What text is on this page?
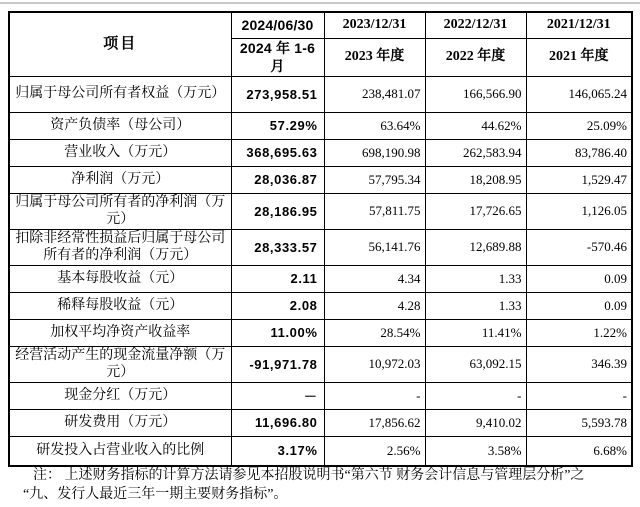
项目	2024/06/30	2023/12/31	2022/12/31	2021/12/31
	2024 年 1-6 月	2023 年度	2022 年度	2021 年度
归属于母公司所有者权益（万元）	273,958.51	238,481.07	166,566.90	146,065.24
资产负债率（母公司）	57.29%	63.64%	44.62%	25.09%
营业收入（万元）	368,695.63	698,190.98	262,583.94	83,786.40
净利润（万元）	28,036.87	57,795.34	18,208.95	1,529.47
归属于母公司所有者的净利润（万元）	28,186.95	57,811.75	17,726.65	1,126.05
扣除非经常性损益后归属于母公司所有者的净利润（万元）	28,333.57	56,141.76	12,689.88	-570.46
基本每股收益（元）	2.11	4.34	1.33	0.09
稀释每股收益（元）	2.08	4.28	1.33	0.09
加权平均净资产收益率	11.00%	28.54%	11.41%	1.22%
经营活动产生的现金流量净额（万元）	-91,971.78	10,972.03	63,092.15	346.39
现金分红（万元）	－	-	-	-
研发费用（万元）	11,696.80	17,856.62	9,410.02	5,593.78
研发投入占营业收入的比例	3.17%	2.56%	3.58%	6.68%
注： 上述财务指标的计算方法请参见本招股说明书“第六节 财务会计信息与管理层分析”之
“九、发行人最近三年一期主要财务指标”。
